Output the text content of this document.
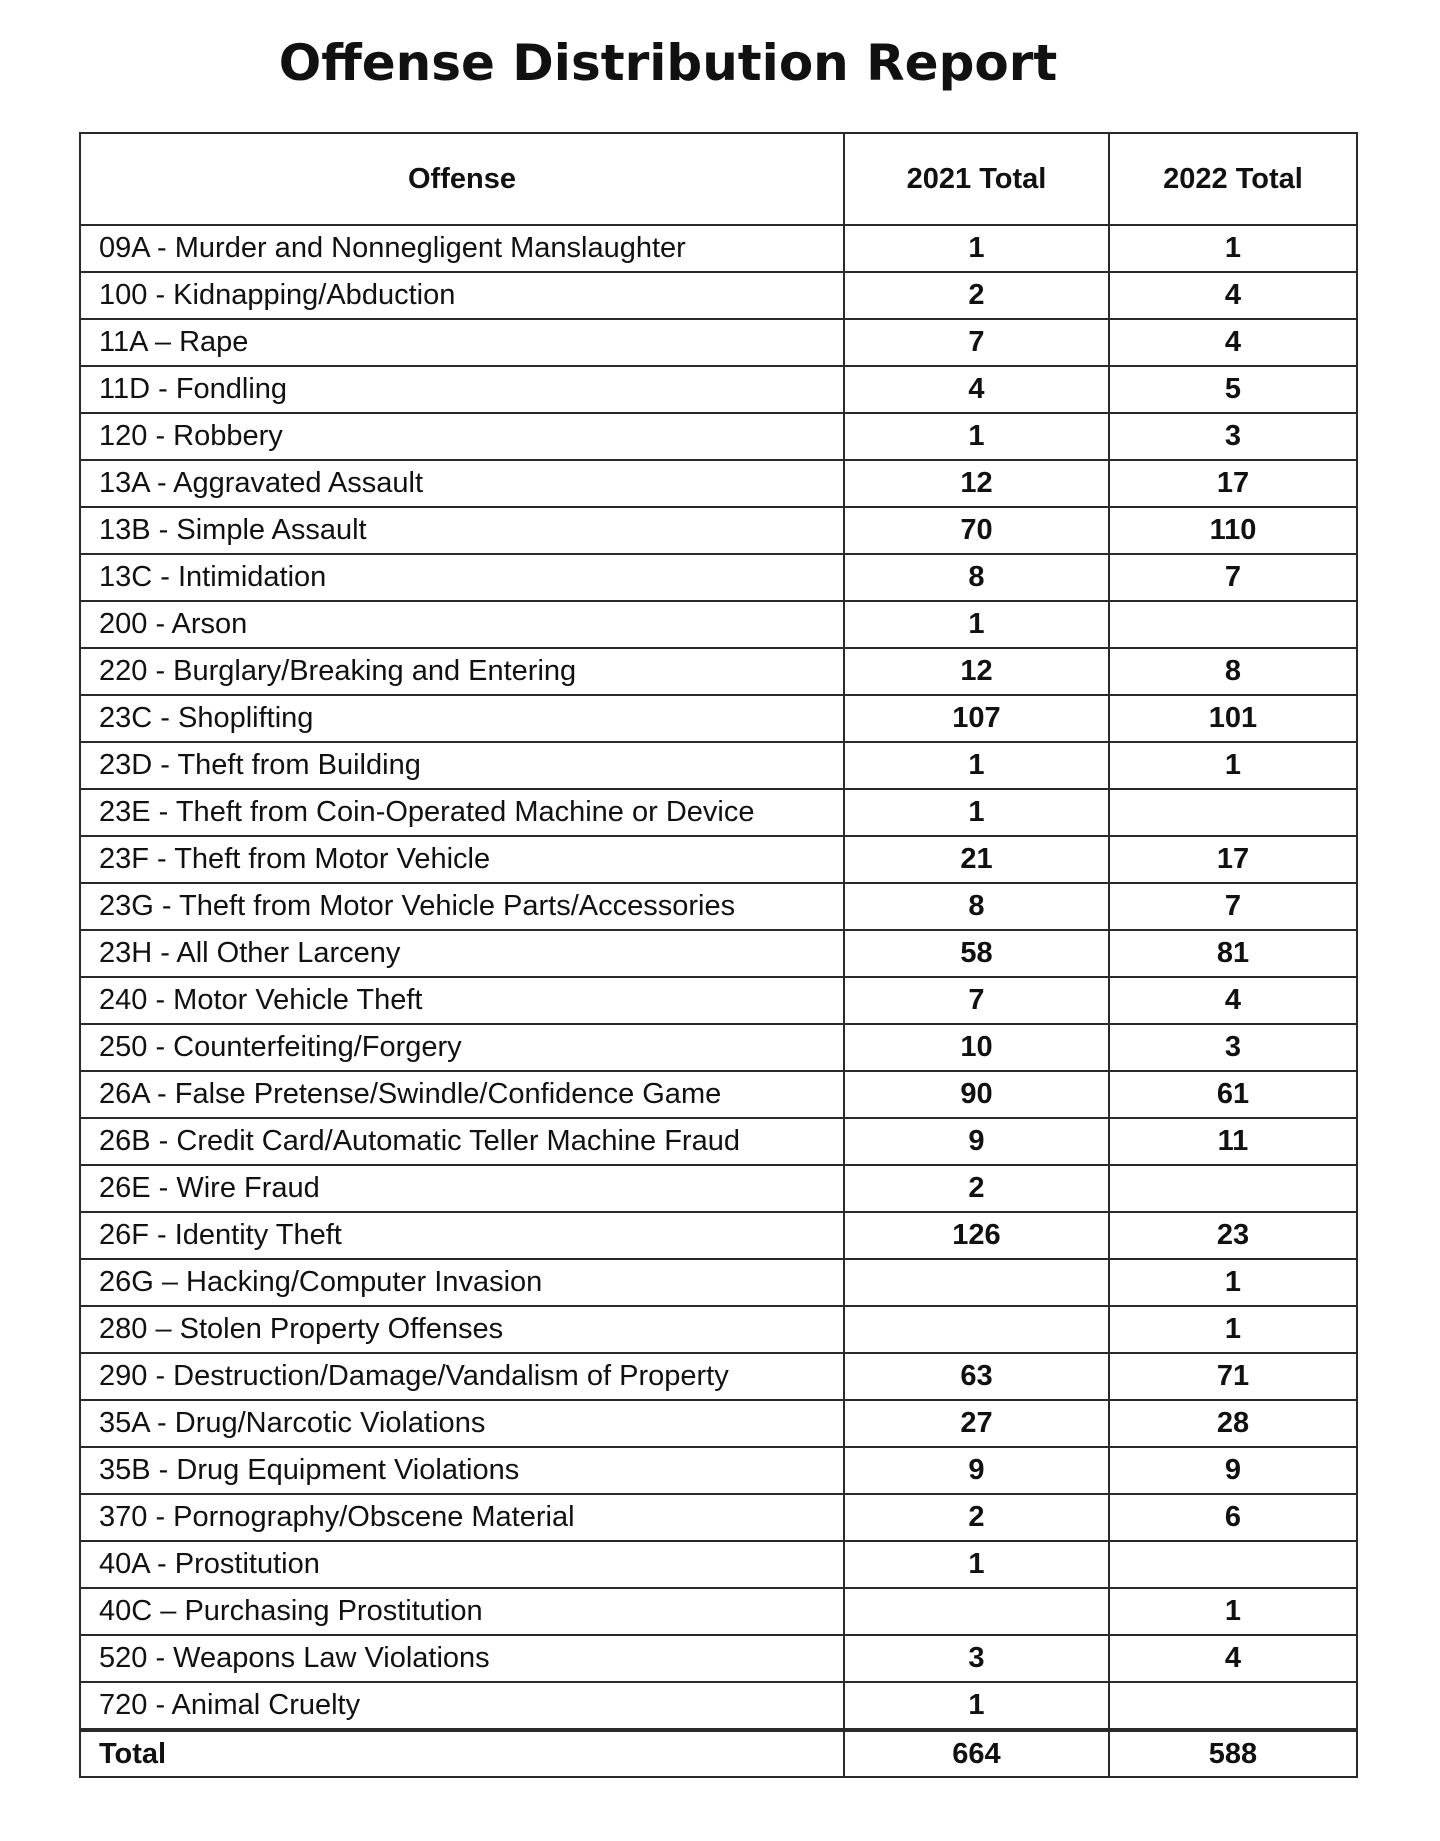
Offense Distribution Report
Offense	2021 Total	2022 Total
09A - Murder and Nonnegligent Manslaughter	1	1
100 - Kidnapping/Abduction	2	4
11A – Rape	7	4
11D - Fondling	4	5
120 - Robbery	1	3
13A - Aggravated Assault	12	17
13B - Simple Assault	70	110
13C - Intimidation	8	7
200 - Arson	1	
220 - Burglary/Breaking and Entering	12	8
23C - Shoplifting	107	101
23D - Theft from Building	1	1
23E - Theft from Coin-Operated Machine or Device	1	
23F - Theft from Motor Vehicle	21	17
23G - Theft from Motor Vehicle Parts/Accessories	8	7
23H - All Other Larceny	58	81
240 - Motor Vehicle Theft	7	4
250 - Counterfeiting/Forgery	10	3
26A - False Pretense/Swindle/Confidence Game	90	61
26B - Credit Card/Automatic Teller Machine Fraud	9	11
26E - Wire Fraud	2	
26F - Identity Theft	126	23
26G – Hacking/Computer Invasion		1
280 – Stolen Property Offenses		1
290 - Destruction/Damage/Vandalism of Property	63	71
35A - Drug/Narcotic Violations	27	28
35B - Drug Equipment Violations	9	9
370 - Pornography/Obscene Material	2	6
40A - Prostitution	1	
40C – Purchasing Prostitution		1
520 - Weapons Law Violations	3	4
720 - Animal Cruelty	1	
Total	664	588
